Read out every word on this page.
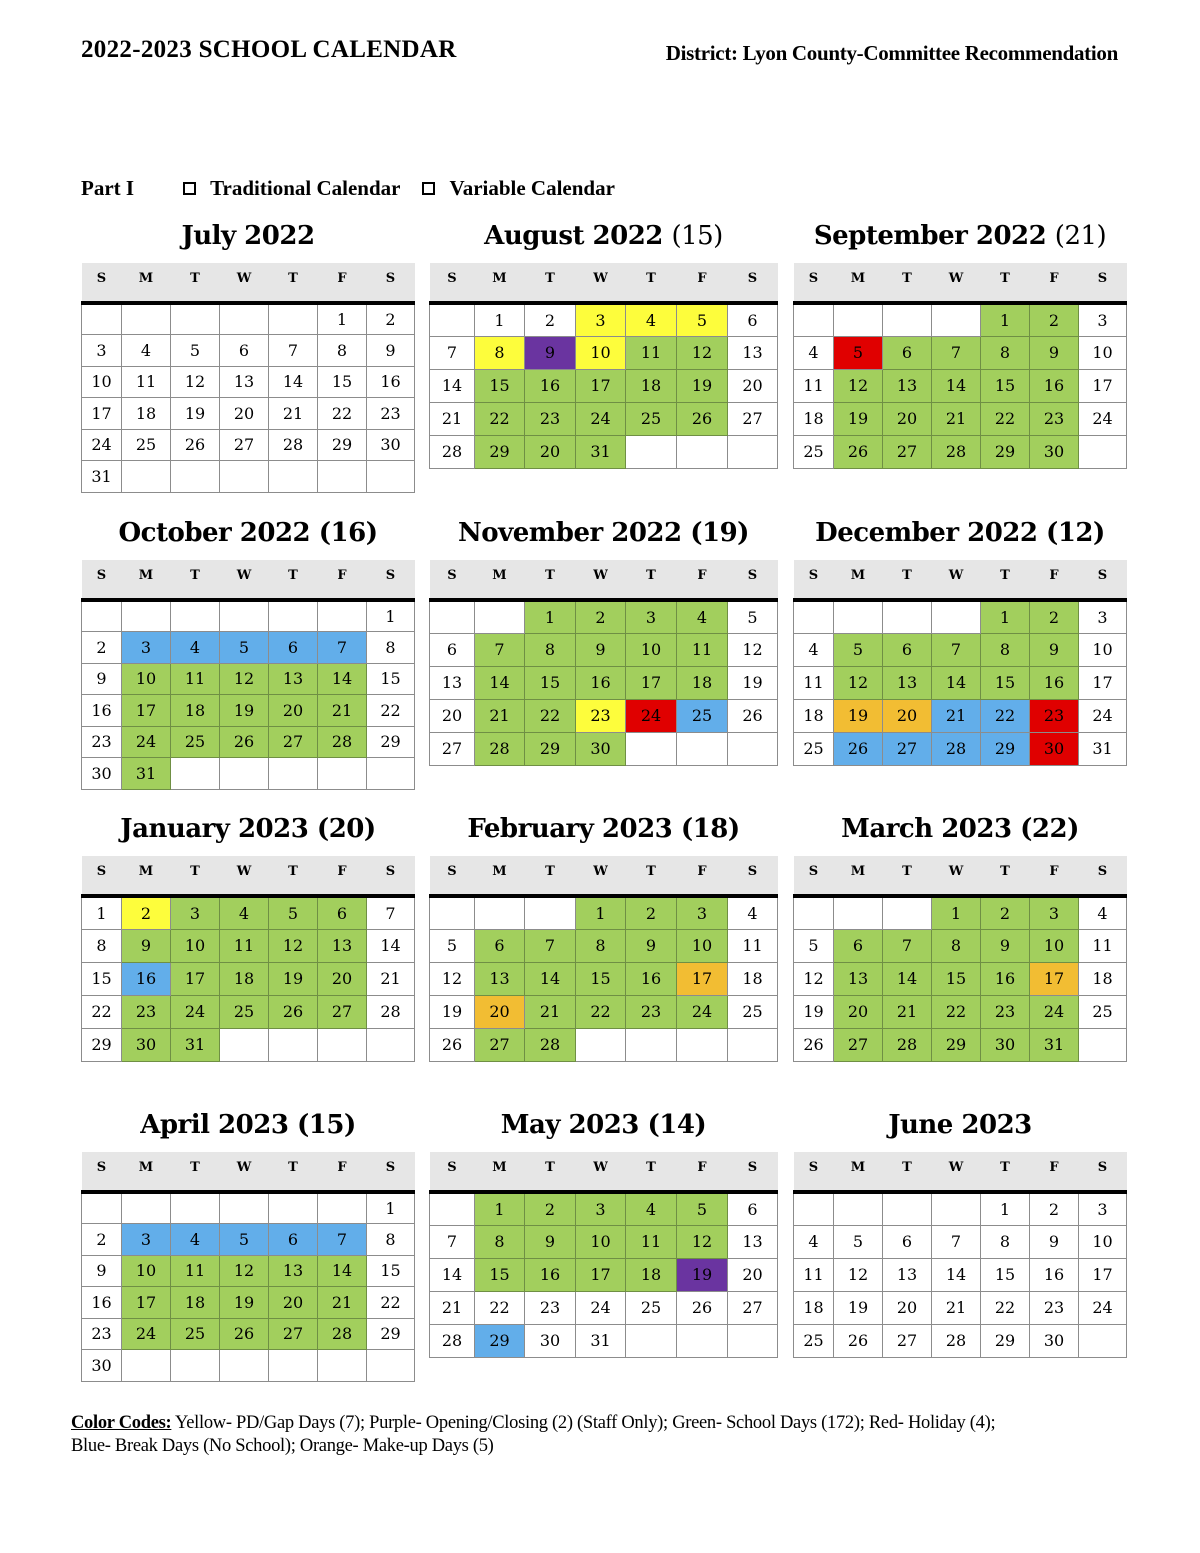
2022-2023 SCHOOL CALENDAR	District: Lyon County-Committee Recommendation
Part I	Traditional Calendar Variable Calendar
July 2022
S	M	T	W	T	F	S
					1	2
3	4	5	6	7	8	9
10	11	12	13	14	15	16
17	18	19	20	21	22	23
24	25	26	27	28	29	30
31						
August 2022 (15)
S	M	T	W	T	F	S
	1	2	3	4	5	6
7	8	9	10	11	12	13
14	15	16	17	18	19	20
21	22	23	24	25	26	27
28	29	20	31			
September 2022 (21)
S	M	T	W	T	F	S
				1	2	3
4	5	6	7	8	9	10
11	12	13	14	15	16	17
18	19	20	21	22	23	24
25	26	27	28	29	30	
October 2022 (16)
S	M	T	W	T	F	S
						1
2	3	4	5	6	7	8
9	10	11	12	13	14	15
16	17	18	19	20	21	22
23	24	25	26	27	28	29
30	31					
November 2022 (19)
S	M	T	W	T	F	S
		1	2	3	4	5
6	7	8	9	10	11	12
13	14	15	16	17	18	19
20	21	22	23	24	25	26
27	28	29	30			
December 2022 (12)
S	M	T	W	T	F	S
				1	2	3
4	5	6	7	8	9	10
11	12	13	14	15	16	17
18	19	20	21	22	23	24
25	26	27	28	29	30	31
January 2023 (20)
S	M	T	W	T	F	S
1	2	3	4	5	6	7
8	9	10	11	12	13	14
15	16	17	18	19	20	21
22	23	24	25	26	27	28
29	30	31				
February 2023 (18)
S	M	T	W	T	F	S
			1	2	3	4
5	6	7	8	9	10	11
12	13	14	15	16	17	18
19	20	21	22	23	24	25
26	27	28				
March 2023 (22)
S	M	T	W	T	F	S
			1	2	3	4
5	6	7	8	9	10	11
12	13	14	15	16	17	18
19	20	21	22	23	24	25
26	27	28	29	30	31	
April 2023 (15)
S	M	T	W	T	F	S
						1
2	3	4	5	6	7	8
9	10	11	12	13	14	15
16	17	18	19	20	21	22
23	24	25	26	27	28	29
30						
May 2023 (14)
S	M	T	W	T	F	S
	1	2	3	4	5	6
7	8	9	10	11	12	13
14	15	16	17	18	19	20
21	22	23	24	25	26	27
28	29	30	31			
June 2023
S	M	T	W	T	F	S
				1	2	3
4	5	6	7	8	9	10
11	12	13	14	15	16	17
18	19	20	21	22	23	24
25	26	27	28	29	30	
Color Codes: Yellow- PD/Gap Days (7); Purple- Opening/Closing (2) (Staff Only); Green- School Days (172); Red- Holiday (4);
Blue- Break Days (No School); Orange- Make-up Days (5)
